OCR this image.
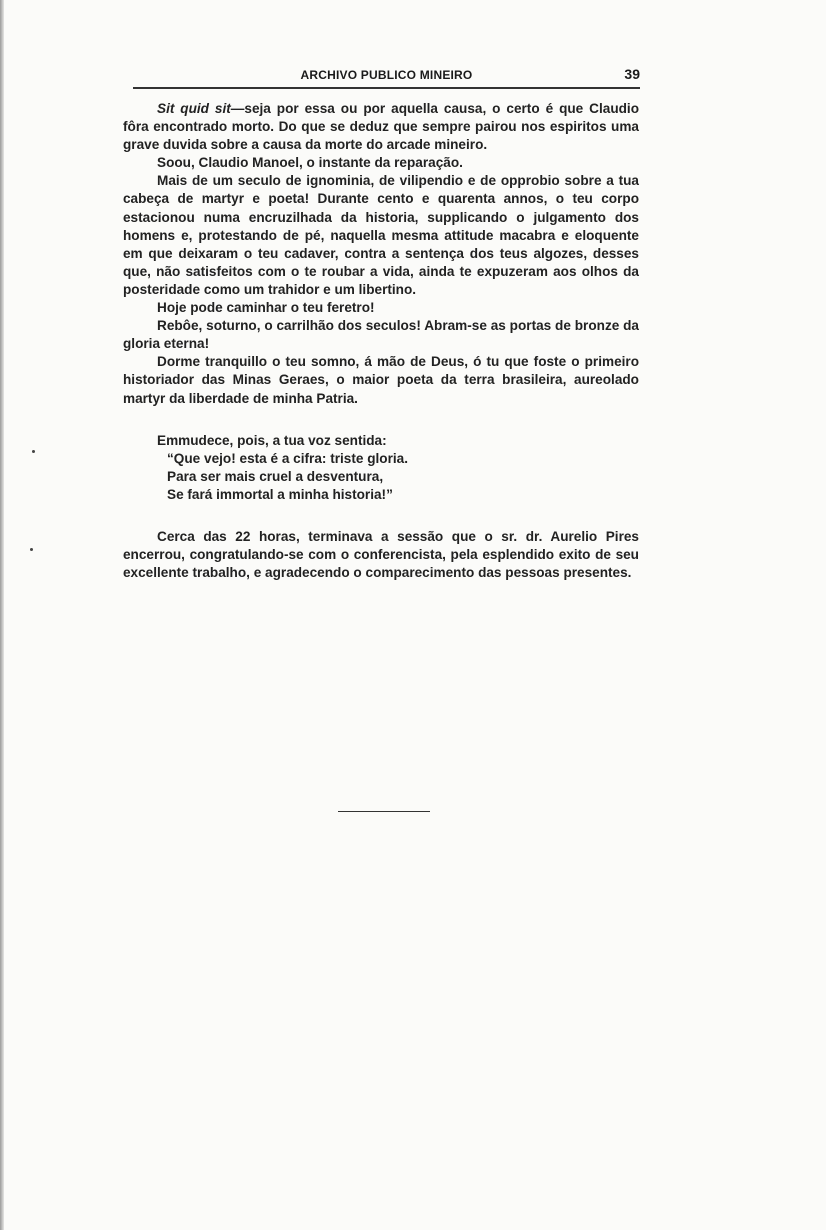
ARCHIVO PUBLICO MINEIRO	39

Sit quid sit—seja por essa ou por aquella causa, o certo é que Claudio fôra encontrado morto. Do que se deduz que sempre pairou nos espiritos uma grave duvida sobre a causa da morte do arcade mineiro.

Soou, Claudio Manoel, o instante da reparação.

Mais de um seculo de ignominia, de vilipendio e de opprobio sobre a tua cabeça de martyr e poeta! Durante cento e quarenta annos, o teu corpo estacionou numa encruzilhada da historia, supplicando o julgamento dos homens e, protestando de pé, naquella mesma attitude macabra e eloquente em que deixaram o teu cadaver, contra a sentença dos teus algozes, desses que, não satisfeitos com o te roubar a vida, ainda te expuzeram aos olhos da posteridade como um trahidor e um libertino.

Hoje pode caminhar o teu feretro!

Rebôe, soturno, o carrilhão dos seculos! Abram-se as portas de bronze da gloria eterna!

Dorme tranquillo o teu somno, á mão de Deus, ó tu que foste o primeiro historiador das Minas Geraes, o maior poeta da terra brasileira, aureolado martyr da liberdade de minha Patria.

Emmudece, pois, a tua voz sentida:
“Que vejo! esta é a cifra: triste gloria.
Para ser mais cruel a desventura,
Se fará immortal a minha historia!”

Cerca das 22 horas, terminava a sessão que o sr. dr. Aurelio Pires encerrou, congratulando-se com o conferencista, pela esplendido exito de seu excellente trabalho, e agradecendo o comparecimento das pessoas presentes.
